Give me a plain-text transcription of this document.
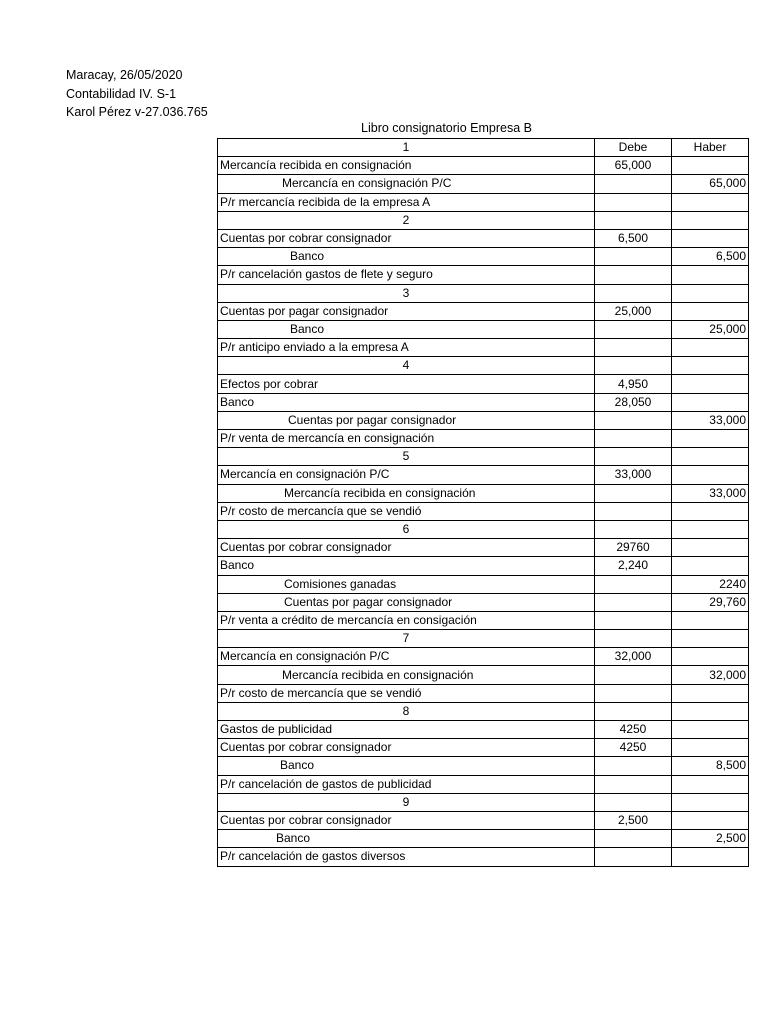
Maracay, 26/05/2020
Contabilidad IV. S-1
Karol Pérez v-27.036.765
Libro consignatorio Empresa B
1	Debe	Haber
Mercancía recibida en consignación	65,000	
Mercancía en consignación P/C		65,000
P/r mercancía recibida de la empresa A		
2		
Cuentas por cobrar consignador	6,500	
Banco		6,500
P/r cancelación gastos de flete y seguro		
3		
Cuentas por pagar consignador	25,000	
Banco		25,000
P/r anticipo enviado a la empresa A		
4		
Efectos por cobrar	4,950	
Banco	28,050	
Cuentas por pagar consignador		33,000
P/r venta de mercancía en consignación		
5		
Mercancía en consignación P/C	33,000	
Mercancía recibida en consignación		33,000
P/r costo de mercancía que se vendió		
6		
Cuentas por cobrar consignador	29760	
Banco	2,240	
Comisiones ganadas		2240
Cuentas por pagar consignador		29,760
P/r venta a crédito de mercancía en consigación		
7		
Mercancía en consignación P/C	32,000	
Mercancía recibida en consignación		32,000
P/r costo de mercancía que se vendió		
8		
Gastos de publicidad	4250	
Cuentas por cobrar consignador	4250	
Banco		8,500
P/r cancelación de gastos de publicidad		
9		
Cuentas por cobrar consignador	2,500	
Banco		2,500
P/r cancelación de gastos diversos		
